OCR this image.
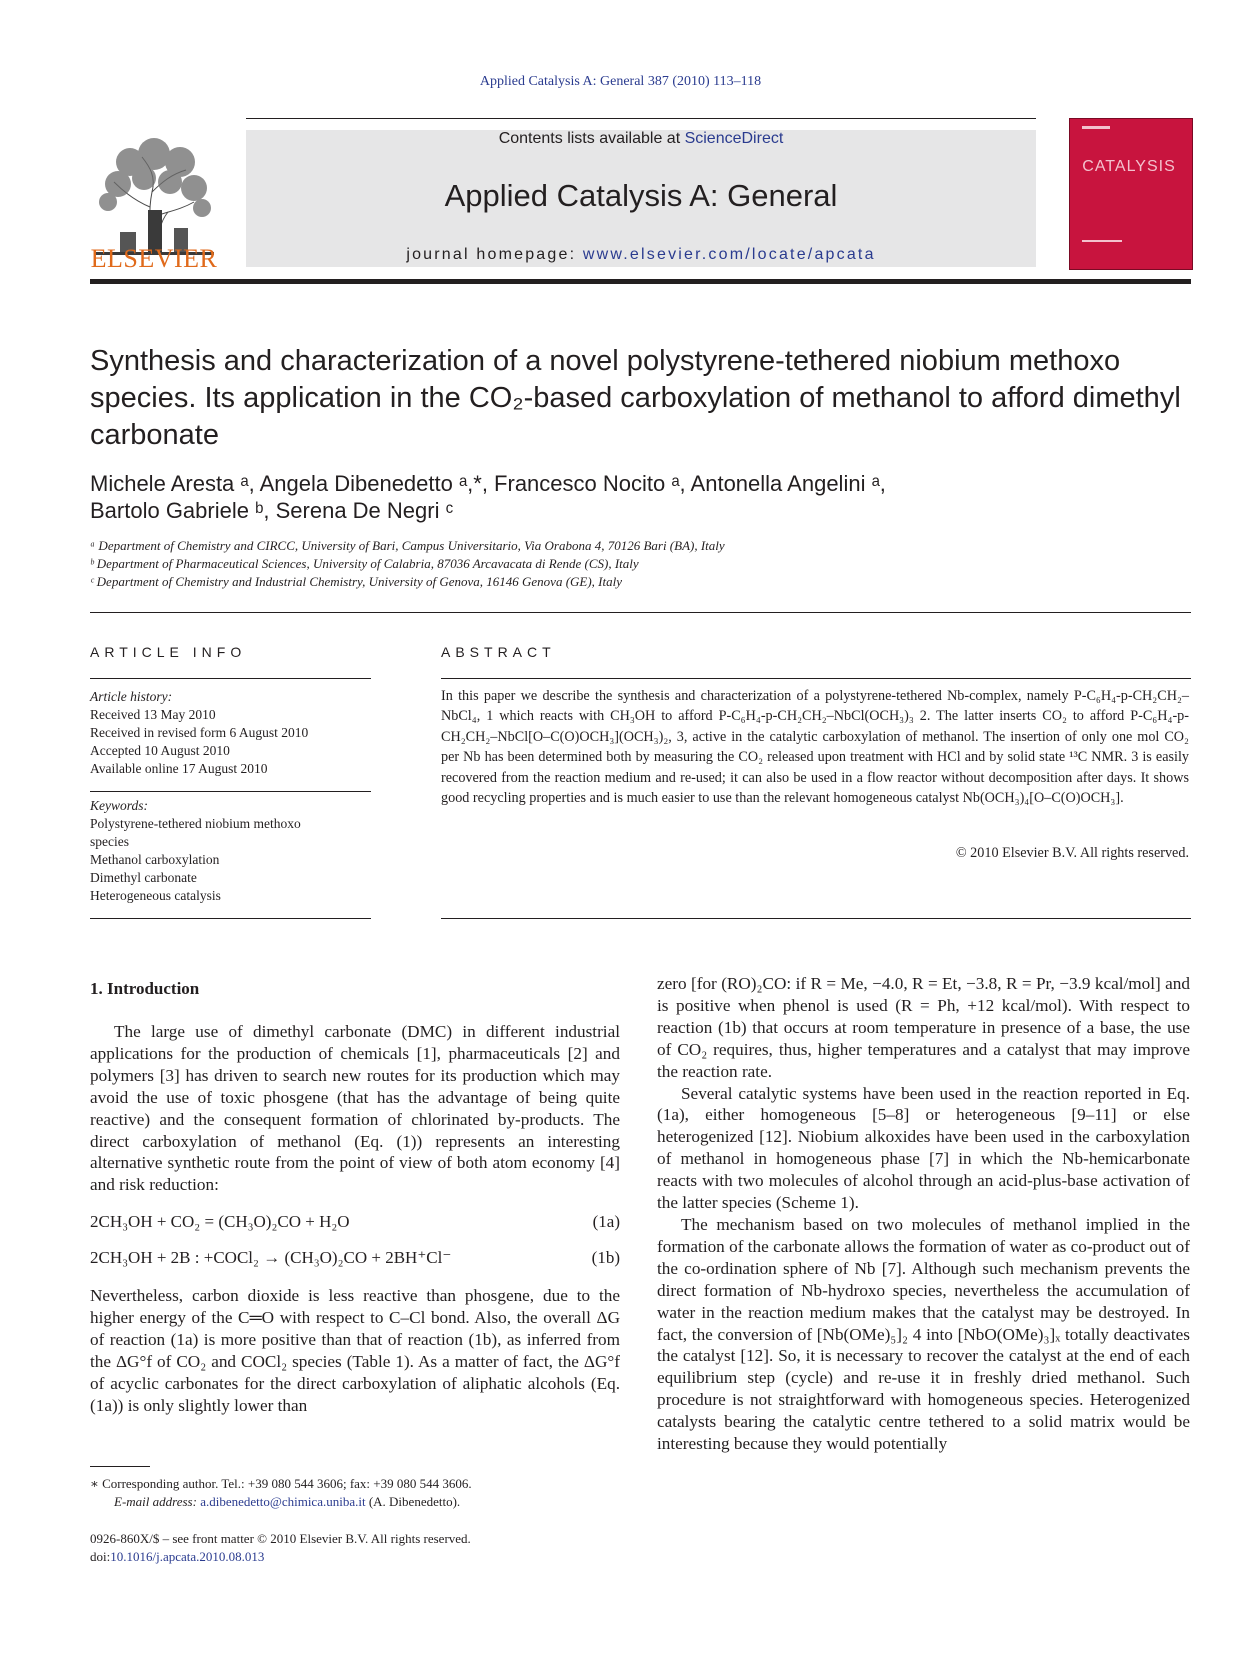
Applied Catalysis A: General 387 (2010) 113–118
Contents lists available at ScienceDirect
Applied Catalysis A: General
journal homepage: www.elsevier.com/locate/apcata
ELSEVIER
CATALYSIS
Synthesis and characterization of a novel polystyrene-tethered niobium methoxo species. Its application in the CO₂-based carboxylation of methanol to afford dimethyl carbonate
Michele Aresta ᵃ, Angela Dibenedetto ᵃ,*, Francesco Nocito ᵃ, Antonella Angelini ᵃ,
Bartolo Gabriele ᵇ, Serena De Negri ᶜ
ᵃ Department of Chemistry and CIRCC, University of Bari, Campus Universitario, Via Orabona 4, 70126 Bari (BA), Italy
ᵇ Department of Pharmaceutical Sciences, University of Calabria, 87036 Arcavacata di Rende (CS), Italy
ᶜ Department of Chemistry and Industrial Chemistry, University of Genova, 16146 Genova (GE), Italy
ARTICLE INFO
Article history:
Received 13 May 2010
Received in revised form 6 August 2010
Accepted 10 August 2010
Available online 17 August 2010
Keywords:
Polystyrene-tethered niobium methoxo
species
Methanol carboxylation
Dimethyl carbonate
Heterogeneous catalysis
ABSTRACT
In this paper we describe the synthesis and characterization of a polystyrene-tethered Nb-complex, namely P-C₆H₄-p-CH₂CH₂–NbCl₄, 1 which reacts with CH₃OH to afford P-C₆H₄-p-CH₂CH₂–NbCl(OCH₃)₃ 2. The latter inserts CO₂ to afford P-C₆H₄-p-CH₂CH₂–NbCl[O–C(O)OCH₃](OCH₃)₂, 3, active in the catalytic carboxylation of methanol. The insertion of only one mol CO₂ per Nb has been determined both by measuring the CO₂ released upon treatment with HCl and by solid state ¹³C NMR. 3 is easily recovered from the reaction medium and re-used; it can also be used in a flow reactor without decomposition after days. It shows good recycling properties and is much easier to use than the relevant homogeneous catalyst Nb(OCH₃)₄[O–C(O)OCH₃].
© 2010 Elsevier B.V. All rights reserved.
1. Introduction

The large use of dimethyl carbonate (DMC) in different industrial applications for the production of chemicals [1], pharmaceuticals [2] and polymers [3] has driven to search new routes for its production which may avoid the use of toxic phosgene (that has the advantage of being quite reactive) and the consequent formation of chlorinated by-products. The direct carboxylation of methanol (Eq. (1)) represents an interesting alternative synthetic route from the point of view of both atom economy [4] and risk reduction:

2CH₃OH + CO₂ = (CH₃O)₂CO + H₂O	(1a)
2CH₃OH + 2B : +COCl₂ → (CH₃O)₂CO + 2BH⁺Cl⁻	(1b)

Nevertheless, carbon dioxide is less reactive than phosgene, due to the higher energy of the C═O with respect to C–Cl bond. Also, the overall ΔG of reaction (1a) is more positive than that of reaction (1b), as inferred from the ΔG°f of CO₂ and COCl₂ species (Table 1). As a matter of fact, the ΔG°f of acyclic carbonates for the direct carboxylation of aliphatic alcohols (Eq. (1a)) is only slightly lower than

zero [for (RO)₂CO: if R = Me, −4.0, R = Et, −3.8, R = Pr, −3.9 kcal/mol] and is positive when phenol is used (R = Ph, +12 kcal/mol). With respect to reaction (1b) that occurs at room temperature in presence of a base, the use of CO₂ requires, thus, higher temperatures and a catalyst that may improve the reaction rate.

Several catalytic systems have been used in the reaction reported in Eq. (1a), either homogeneous [5–8] or heterogeneous [9–11] or else heterogenized [12]. Niobium alkoxides have been used in the carboxylation of methanol in homogeneous phase [7] in which the Nb-hemicarbonate reacts with two molecules of alcohol through an acid-plus-base activation of the latter species (Scheme 1).

The mechanism based on two molecules of methanol implied in the formation of the carbonate allows the formation of water as co-product out of the co-ordination sphere of Nb [7]. Although such mechanism prevents the direct formation of Nb-hydroxo species, nevertheless the accumulation of water in the reaction medium makes that the catalyst may be destroyed. In fact, the conversion of [Nb(OMe)₅]₂ 4 into [NbO(OMe)₃]ₓ totally deactivates the catalyst [12]. So, it is necessary to recover the catalyst at the end of each equilibrium step (cycle) and re-use it in freshly dried methanol. Such procedure is not straightforward with homogeneous species. Heterogenized catalysts bearing the catalytic centre tethered to a solid matrix would be interesting because they would potentially

∗ Corresponding author. Tel.: +39 080 544 3606; fax: +39 080 544 3606.
E-mail address: a.dibenedetto@chimica.uniba.it (A. Dibenedetto).
0926-860X/$ – see front matter © 2010 Elsevier B.V. All rights reserved.
doi:10.1016/j.apcata.2010.08.013
